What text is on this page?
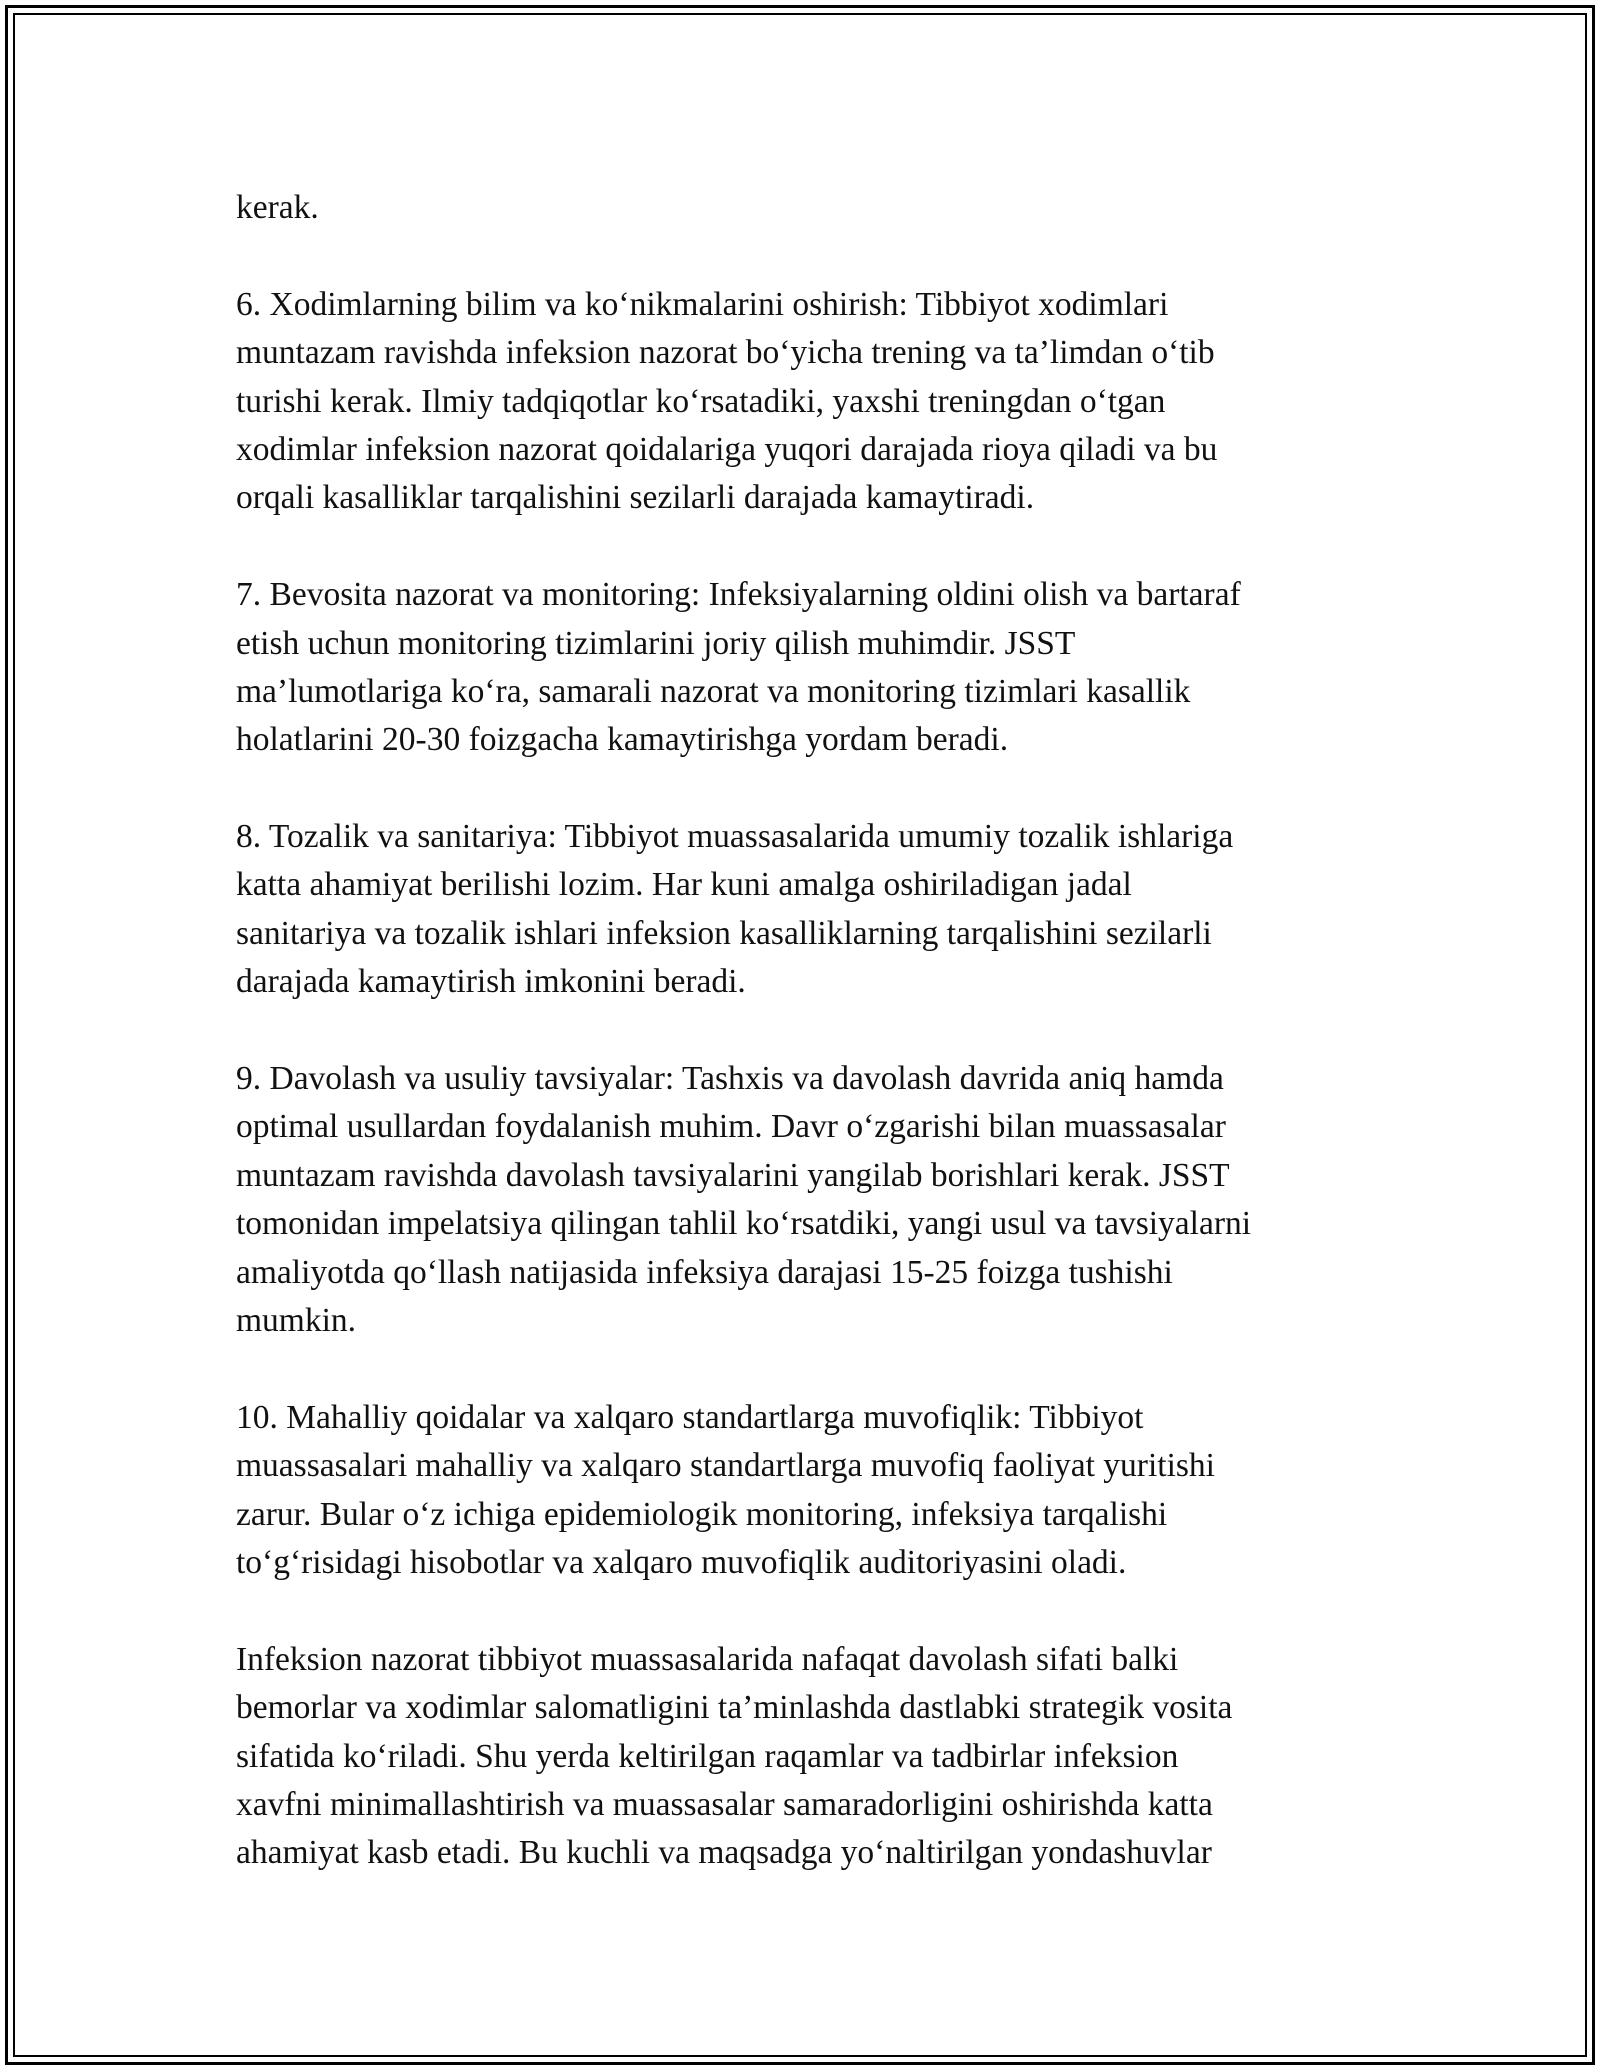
kerak.
6. Xodimlarning bilim va ko‘nikmalarini oshirish: Tibbiyot xodimlari
muntazam ravishda infeksion nazorat bo‘yicha trening va ta’limdan o‘tib
turishi kerak. Ilmiy tadqiqotlar ko‘rsatadiki, yaxshi treningdan o‘tgan
xodimlar infeksion nazorat qoidalariga yuqori darajada rioya qiladi va bu
orqali kasalliklar tarqalishini sezilarli darajada kamaytiradi.
7. Bevosita nazorat va monitoring: Infeksiyalarning oldini olish va bartaraf
etish uchun monitoring tizimlarini joriy qilish muhimdir. JSST
ma’lumotlariga ko‘ra, samarali nazorat va monitoring tizimlari kasallik
holatlarini 20-30 foizgacha kamaytirishga yordam beradi.
8. Tozalik va sanitariya: Tibbiyot muassasalarida umumiy tozalik ishlariga
katta ahamiyat berilishi lozim. Har kuni amalga oshiriladigan jadal
sanitariya va tozalik ishlari infeksion kasalliklarning tarqalishini sezilarli
darajada kamaytirish imkonini beradi.
9. Davolash va usuliy tavsiyalar: Tashxis va davolash davrida aniq hamda
optimal usullardan foydalanish muhim. Davr o‘zgarishi bilan muassasalar
muntazam ravishda davolash tavsiyalarini yangilab borishlari kerak. JSST
tomonidan impelatsiya qilingan tahlil ko‘rsatdiki, yangi usul va tavsiyalarni
amaliyotda qo‘llash natijasida infeksiya darajasi 15-25 foizga tushishi
mumkin.
10. Mahalliy qoidalar va xalqaro standartlarga muvofiqlik: Tibbiyot
muassasalari mahalliy va xalqaro standartlarga muvofiq faoliyat yuritishi
zarur. Bular o‘z ichiga epidemiologik monitoring, infeksiya tarqalishi
to‘g‘risidagi hisobotlar va xalqaro muvofiqlik auditoriyasini oladi.
Infeksion nazorat tibbiyot muassasalarida nafaqat davolash sifati balki
bemorlar va xodimlar salomatligini ta’minlashda dastlabki strategik vosita
sifatida ko‘riladi. Shu yerda keltirilgan raqamlar va tadbirlar infeksion
xavfni minimallashtirish va muassasalar samaradorligini oshirishda katta
ahamiyat kasb etadi. Bu kuchli va maqsadga yo‘naltirilgan yondashuvlar
